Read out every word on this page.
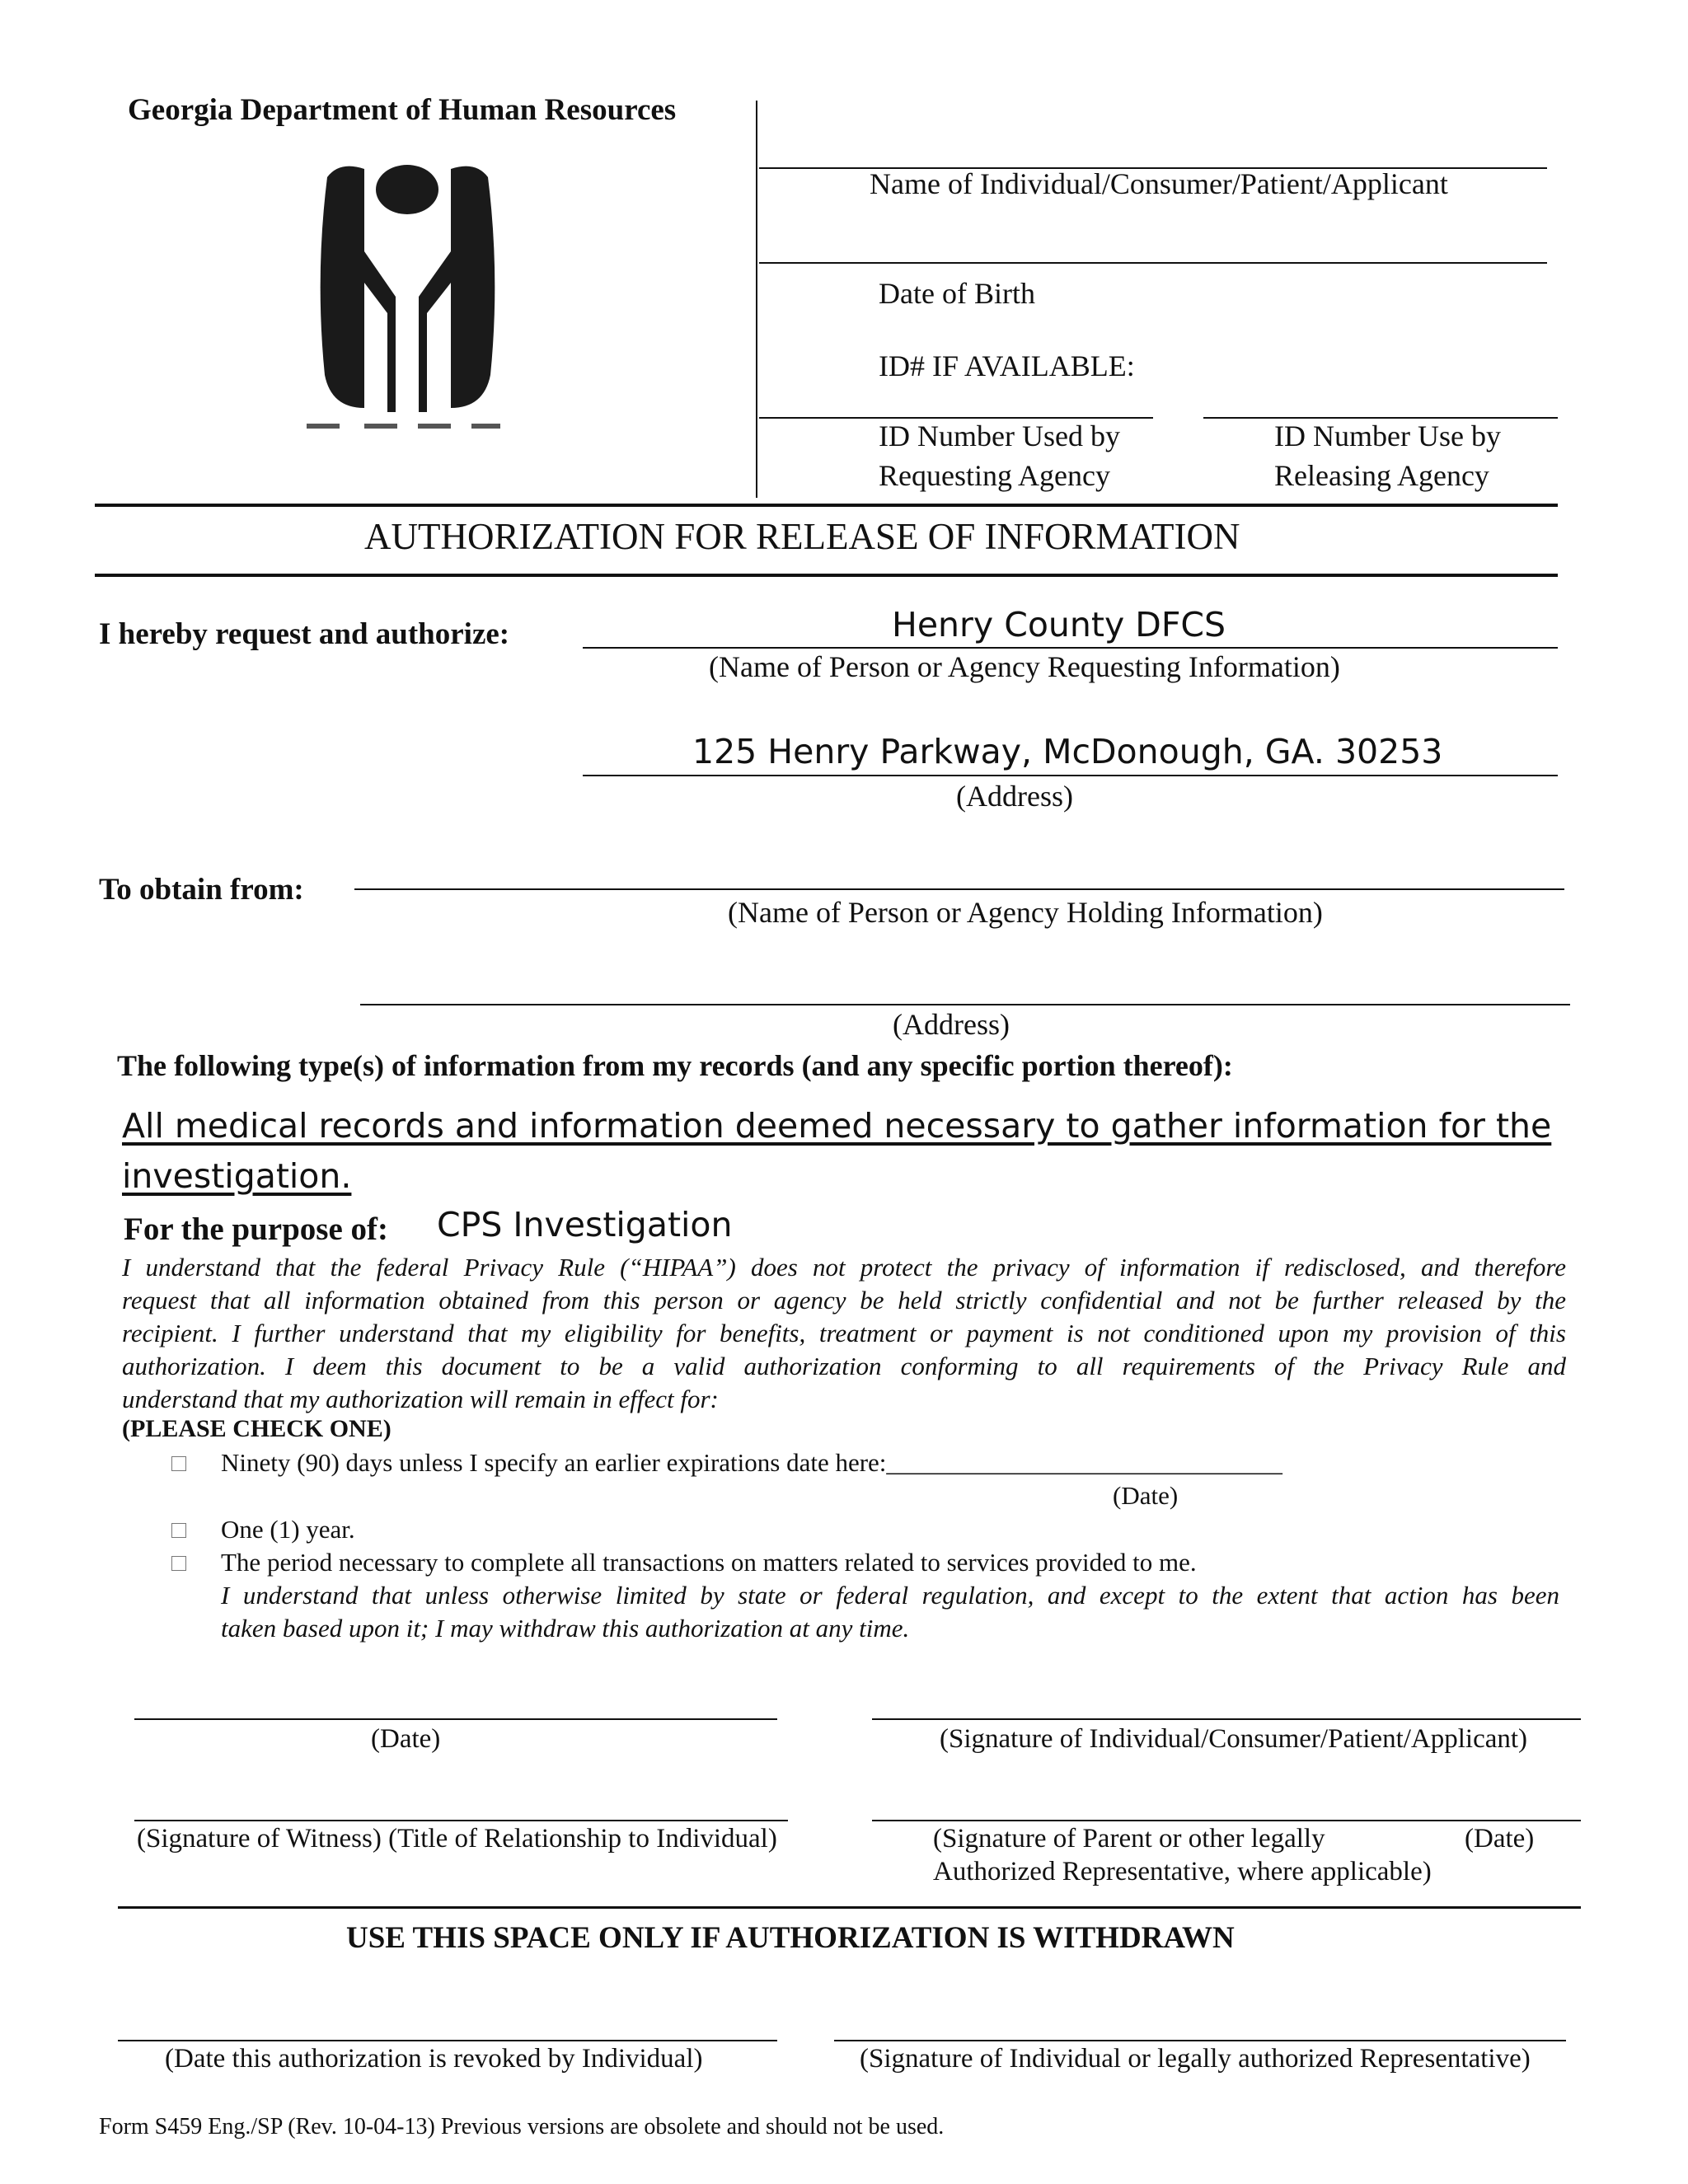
Georgia Department of Human Resources
Name of Individual/Consumer/Patient/Applicant
Date of Birth
ID# IF AVAILABLE:
ID Number Used by
Requesting Agency
ID Number Use by
Releasing Agency
AUTHORIZATION FOR RELEASE OF INFORMATION
I hereby request and authorize:	Henry County DFCS
(Name of Person or Agency Requesting Information)
125 Henry Parkway, McDonough, GA. 30253
(Address)
To obtain from:
(Name of Person or Agency Holding Information)
(Address)
The following type(s) of information from my records (and any specific portion thereof):
All medical records and information deemed necessary to gather information for the
investigation.
For the purpose of: CPS Investigation
I understand that the federal Privacy Rule (“HIPAA”) does not protect the privacy of information if redisclosed, and therefore
request that all information obtained from this person or agency be held strictly confidential and not be further released by the
recipient. I further understand that my eligibility for benefits, treatment or payment is not conditioned upon my provision of this
authorization. I deem this document to be a valid authorization conforming to all requirements of the Privacy Rule and
understand that my authorization will remain in effect for:
(PLEASE CHECK ONE)
Ninety (90) days unless I specify an earlier expirations date here:_______________________________
(Date)
One (1) year.
The period necessary to complete all transactions on matters related to services provided to me.
I understand that unless otherwise limited by state or federal regulation, and except to the extent that action has been
taken based upon it; I may withdraw this authorization at any time.
(Date)	(Signature of Individual/Consumer/Patient/Applicant)
(Signature of Witness) (Title of Relationship to Individual)	(Signature of Parent or other legally	(Date)
Authorized Representative, where applicable)
USE THIS SPACE ONLY IF AUTHORIZATION IS WITHDRAWN
(Date this authorization is revoked by Individual)	(Signature of Individual or legally authorized Representative)
Form S459 Eng./SP (Rev. 10-04-13) Previous versions are obsolete and should not be used.
